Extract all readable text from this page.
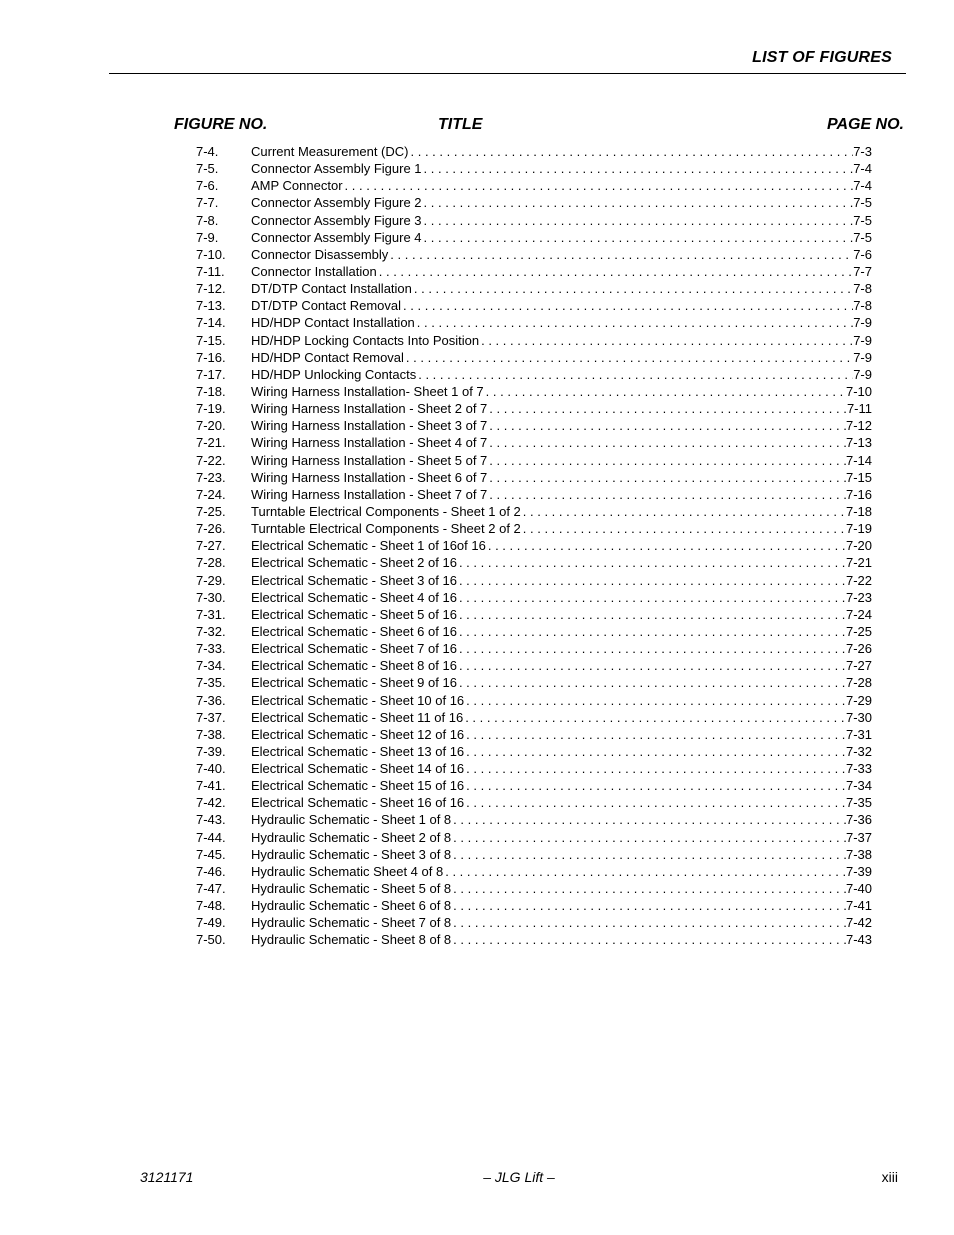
LIST OF FIGURES
FIGURE NO.	TITLE	PAGE NO.
7-4.	Current Measurement (DC) . . .	7-3
7-5.	Connector Assembly Figure 1 . . .	7-4
7-6.	AMP Connector . . .	7-4
7-7.	Connector Assembly Figure 2 . . .	7-5
7-8.	Connector Assembly Figure 3 . . .	7-5
7-9.	Connector Assembly Figure 4 . . .	7-5
7-10.	Connector Disassembly . . .	7-6
7-11.	Connector Installation . . .	7-7
7-12.	DT/DTP Contact Installation . . .	7-8
7-13.	DT/DTP Contact Removal . . .	7-8
7-14.	HD/HDP Contact Installation . . .	7-9
7-15.	HD/HDP Locking Contacts Into Position . . .	7-9
7-16.	HD/HDP Contact Removal . . .	7-9
7-17.	HD/HDP Unlocking Contacts . . .	7-9
7-18.	Wiring Harness Installation- Sheet 1 of 7 . . .	7-10
7-19.	Wiring Harness Installation - Sheet 2 of 7 . . .	7-11
7-20.	Wiring Harness Installation - Sheet 3 of 7 . . .	7-12
7-21.	Wiring Harness Installation - Sheet 4 of 7 . . .	7-13
7-22.	Wiring Harness Installation - Sheet 5 of 7 . . .	7-14
7-23.	Wiring Harness Installation - Sheet 6 of 7 . . .	7-15
7-24.	Wiring Harness Installation - Sheet 7 of 7 . . .	7-16
7-25.	Turntable Electrical Components - Sheet 1 of 2 . . .	7-18
7-26.	Turntable Electrical Components - Sheet 2 of 2 . . .	7-19
7-27.	Electrical Schematic - Sheet 1 of 16of 16 . . .	7-20
7-28.	Electrical Schematic - Sheet 2 of 16 . . .	7-21
7-29.	Electrical Schematic - Sheet 3 of 16 . . .	7-22
7-30.	Electrical Schematic - Sheet 4 of 16 . . .	7-23
7-31.	Electrical Schematic - Sheet 5 of 16 . . .	7-24
7-32.	Electrical Schematic - Sheet 6 of 16 . . .	7-25
7-33.	Electrical Schematic - Sheet 7 of 16 . . .	7-26
7-34.	Electrical Schematic - Sheet 8 of 16 . . .	7-27
7-35.	Electrical Schematic - Sheet 9 of 16 . . .	7-28
7-36.	Electrical Schematic - Sheet 10 of 16 . . .	7-29
7-37.	Electrical Schematic - Sheet 11 of 16 . . .	7-30
7-38.	Electrical Schematic - Sheet 12 of 16 . . .	7-31
7-39.	Electrical Schematic - Sheet 13 of 16 . . .	7-32
7-40.	Electrical Schematic - Sheet 14 of 16 . . .	7-33
7-41.	Electrical Schematic - Sheet 15 of 16 . . .	7-34
7-42.	Electrical Schematic - Sheet 16 of 16 . . .	7-35
7-43.	Hydraulic Schematic - Sheet 1 of 8 . . .	7-36
7-44.	Hydraulic Schematic - Sheet 2 of 8 . . .	7-37
7-45.	Hydraulic Schematic - Sheet 3 of 8 . . .	7-38
7-46.	Hydraulic Schematic Sheet 4 of 8 . . .	7-39
7-47.	Hydraulic Schematic - Sheet 5 of 8 . . .	7-40
7-48.	Hydraulic Schematic - Sheet 6 of 8 . . .	7-41
7-49.	Hydraulic Schematic - Sheet 7 of 8 . . .	7-42
7-50.	Hydraulic Schematic - Sheet 8 of 8 . . .	7-43
3121171	– JLG Lift –	xiii
